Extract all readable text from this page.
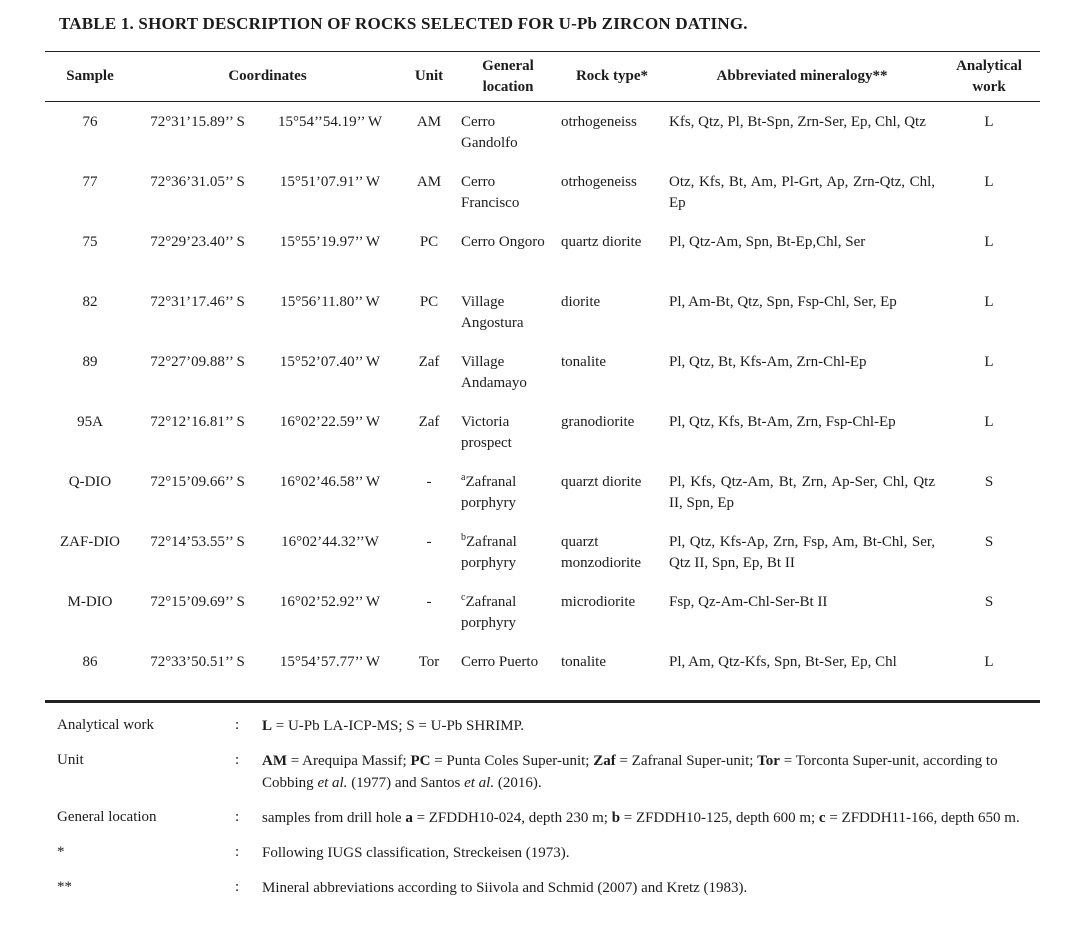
TABLE 1. SHORT DESCRIPTION OF ROCKS SELECTED FOR U-Pb ZIRCON DATING.
Sample	Coordinates		Unit	General location	Rock type*	Abbreviated mineralogy**	Analytical work
76	72°31’15.89’’ S	15°54’’54.19’’ W	AM	Cerro Gandolfo	otrhogeneiss	Kfs, Qtz, Pl, Bt-Spn, Zrn-Ser, Ep, Chl, Qtz	L
77	72°36’31.05’’ S	15°51’07.91’’ W	AM	Cerro Francisco	otrhogeneiss	Otz, Kfs, Bt, Am, Pl-Grt, Ap, Zrn-Qtz, Chl, Ep	L
75	72°29’23.40’’ S	15°55’19.97’’ W	PC	Cerro Ongoro	quartz diorite	Pl, Qtz-Am, Spn, Bt-Ep,Chl, Ser	L
82	72°31’17.46’’ S	15°56’11.80’’ W	PC	Village Angostura	diorite	Pl, Am-Bt, Qtz, Spn, Fsp-Chl, Ser, Ep	L
89	72°27’09.88’’ S	15°52’07.40’’ W	Zaf	Village Andamayo	tonalite	Pl, Qtz, Bt, Kfs-Am, Zrn-Chl-Ep	L
95A	72°12’16.81’’ S	16°02’22.59’’ W	Zaf	Victoria prospect	granodiorite	Pl, Qtz, Kfs, Bt-Am, Zrn, Fsp-Chl-Ep	L
Q-DIO	72°15’09.66’’ S	16°02’46.58’’ W	-	$^a$Zafranal porphyry	quarzt diorite	Pl, Kfs, Qtz-Am, Bt, Zrn, Ap-Ser, Chl, Qtz II, Spn, Ep	S
ZAF-DIO	72°14’53.55’’ S	16°02’44.32’’W	-	$^b$Zafranal porphyry	quarzt monzodiorite	Pl, Qtz, Kfs-Ap, Zrn, Fsp, Am, Bt-Chl, Ser, Qtz II, Spn, Ep, Bt II	S
M-DIO	72°15’09.69’’ S	16°02’52.92’’ W	-	$^c$Zafranal porphyry	microdiorite	Fsp, Qz-Am-Chl-Ser-Bt II	S
86	72°33’50.51’’ S	15°54’57.77’’ W	Tor	Cerro Puerto	tonalite	Pl, Am, Qtz-Kfs, Spn, Bt-Ser, Ep, Chl	L
Analytical work	:	L = U-Pb LA-ICP-MS; S = U-Pb SHRIMP.
Unit	:	AM = Arequipa Massif; PC = Punta Coles Super-unit; Zaf = Zafranal Super-unit; Tor = Torconta Super-unit, according to Cobbing et al. (1977) and Santos et al. (2016).
General location	:	samples from drill hole a = ZFDDH10-024, depth 230 m; b = ZFDDH10-125, depth 600 m; c = ZFDDH11-166, depth 650 m.
*	:	Following IUGS classification, Streckeisen (1973).
**	:	Mineral abbreviations according to Siivola and Schmid (2007) and Kretz (1983).
